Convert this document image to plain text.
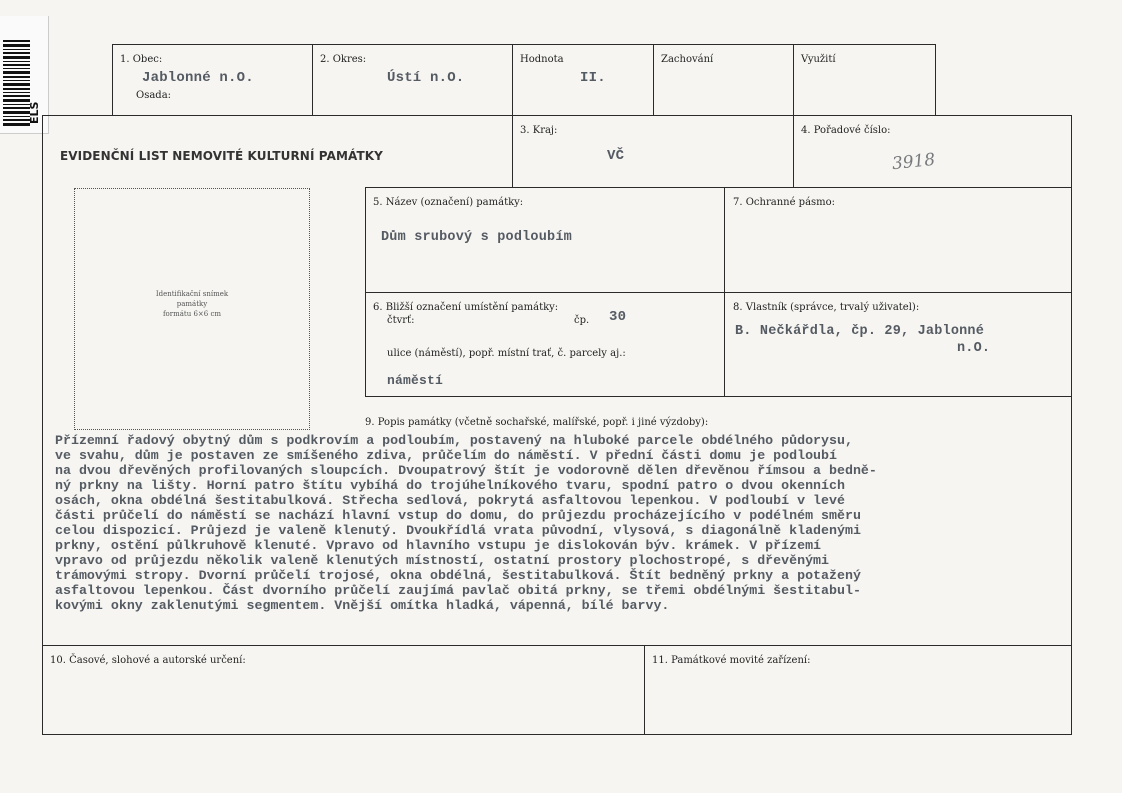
ELS
1. Obec:
Jablonné n.O.
Osada:
2. Okres:
Ústí n.O.
Hodnota
II.
Zachování	Využití
EVIDENČNÍ LIST NEMOVITÉ KULTURNÍ PAMÁTKY
3. Kraj:
VČ
4. Pořadové číslo:
3918
Identifikační snímek
památky
formátu 6×6 cm
5. Název (označení) památky:
Dům srubový s podloubím
7. Ochranné pásmo:
6. Bližší označení umístění památky:
čtvrť:	čp. 30
ulice (náměstí), popř. místní trať, č. parcely aj.:
náměstí
8. Vlastník (správce, trvalý uživatel):
B. Nečkářdla, čp. 29, Jablonné
n.O.
9. Popis památky (včetně sochařské, malířské, popř. i jiné výzdoby):
Přízemní řadový obytný dům s podkrovím a podloubím, postavený na hluboké parcele obdélného půdorysu,
ve svahu, dům je postaven ze smíšeného zdiva, průčelím do náměstí. V přední části domu je podloubí
na dvou dřevěných profilovaných sloupcích. Dvoupatrový štít je vodorovně dělen dřevěnou římsou a bedně-
ný prkny na lišty. Horní patro štítu vybíhá do trojúhelníkového tvaru, spodní patro o dvou okenních
osách, okna obdélná šestitabulková. Střecha sedlová, pokrytá asfaltovou lepenkou. V podloubí v levé
části průčelí do náměstí se nachází hlavní vstup do domu, do průjezdu procházejícího v podélném směru
celou dispozicí. Průjezd je valeně klenutý. Dvoukřídlá vrata původní, vlysová, s diagonálně kladenými
prkny, ostění půlkruhově klenuté. Vpravo od hlavního vstupu je dislokován býv. krámek. V přízemí
vpravo od průjezdu několik valeně klenutých místností, ostatní prostory plochostropé, s dřevěnými
trámovými stropy. Dvorní průčelí trojosé, okna obdélná, šestitabulková. Štít bedněný prkny a potažený
asfaltovou lepenkou. Část dvorního průčelí zaujímá pavlač obitá prkny, se třemi obdélnými šestitabul-
kovými okny zaklenutými segmentem. Vnější omítka hladká, vápenná, bílé barvy.
10. Časové, slohové a autorské určení:	11. Památkové movité zařízení:
